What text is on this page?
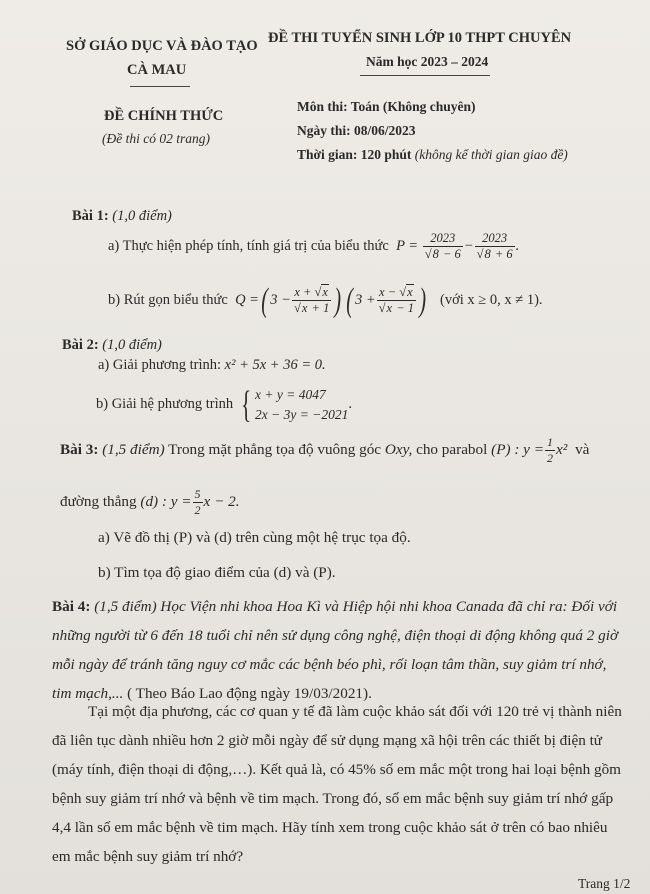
SỞ GIÁO DỤC VÀ ĐÀO TẠO
CÀ MAU
ĐỀ THI TUYỂN SINH LỚP 10 THPT CHUYÊN
Năm học 2023 – 2024
ĐỀ CHÍNH THỨC
(Đề thi có 02 trang)
Môn thi: Toán (Không chuyên)
Ngày thi: 08/06/2023
Thời gian: 120 phút (không kể thời gian giao đề)
Bài 1: (1,0 điểm)
a) Thực hiện phép tính, tính giá trị của biểu thức  $P = \frac{2023}{√8 - 6} - \frac{2023}{√8 + 6}$ .
b) Rút gọn biểu thức  Q =( $3 - \frac{x + √x}{√x + 1}$ ) ( $3 + \frac{x - √x}{√x - 1}$ ) (với x ≥ 0, x ≠ 1).
Bài 2: (1,0 điểm)
a) Giải phương trình: x² + 5x + 36 = 0.
b) Giải hệ phương trình { x + y = 4047
2x − 3y = −2021.
Bài 3: (1,5 điểm) Trong mặt phẳng tọa độ vuông góc Oxy, cho parabol (P) : $y = \frac{1}{2} x^2$ và
đường thẳng (d) : $y = \frac{5}{2}$ x − 2.
a) Vẽ đồ thị (P) và (d) trên cùng một hệ trục tọa độ.
b) Tìm tọa độ giao điểm của (d) và (P).
Bài 4: (1,5 điểm) Học Viện nhi khoa Hoa Kì và Hiệp hội nhi khoa Canada đã chỉ ra: Đối với những người từ 6 đến 18 tuổi chỉ nên sử dụng công nghệ, điện thoại di động không quá 2 giờ mỗi ngày để tránh tăng nguy cơ mắc các bệnh béo phì, rối loạn tâm thần, suy giảm trí nhớ, tim mạch,... ( Theo Báo Lao động ngày 19/03/2021).
Tại một địa phương, các cơ quan y tế đã làm cuộc khảo sát đối với 120 trẻ vị thành niên đã liên tục dành nhiều hơn 2 giờ mỗi ngày để sử dụng mạng xã hội trên các thiết bị điện tử (máy tính, điện thoại di động,…). Kết quả là, có 45% số em mắc một trong hai loại bệnh gồm bệnh suy giảm trí nhớ và bệnh về tim mạch. Trong đó, số em mắc bệnh suy giảm trí nhớ gấp 4,4 lần số em mắc bệnh về tim mạch. Hãy tính xem trong cuộc khảo sát ở trên có bao nhiêu em mắc bệnh suy giảm trí nhớ?
Trang 1/2
